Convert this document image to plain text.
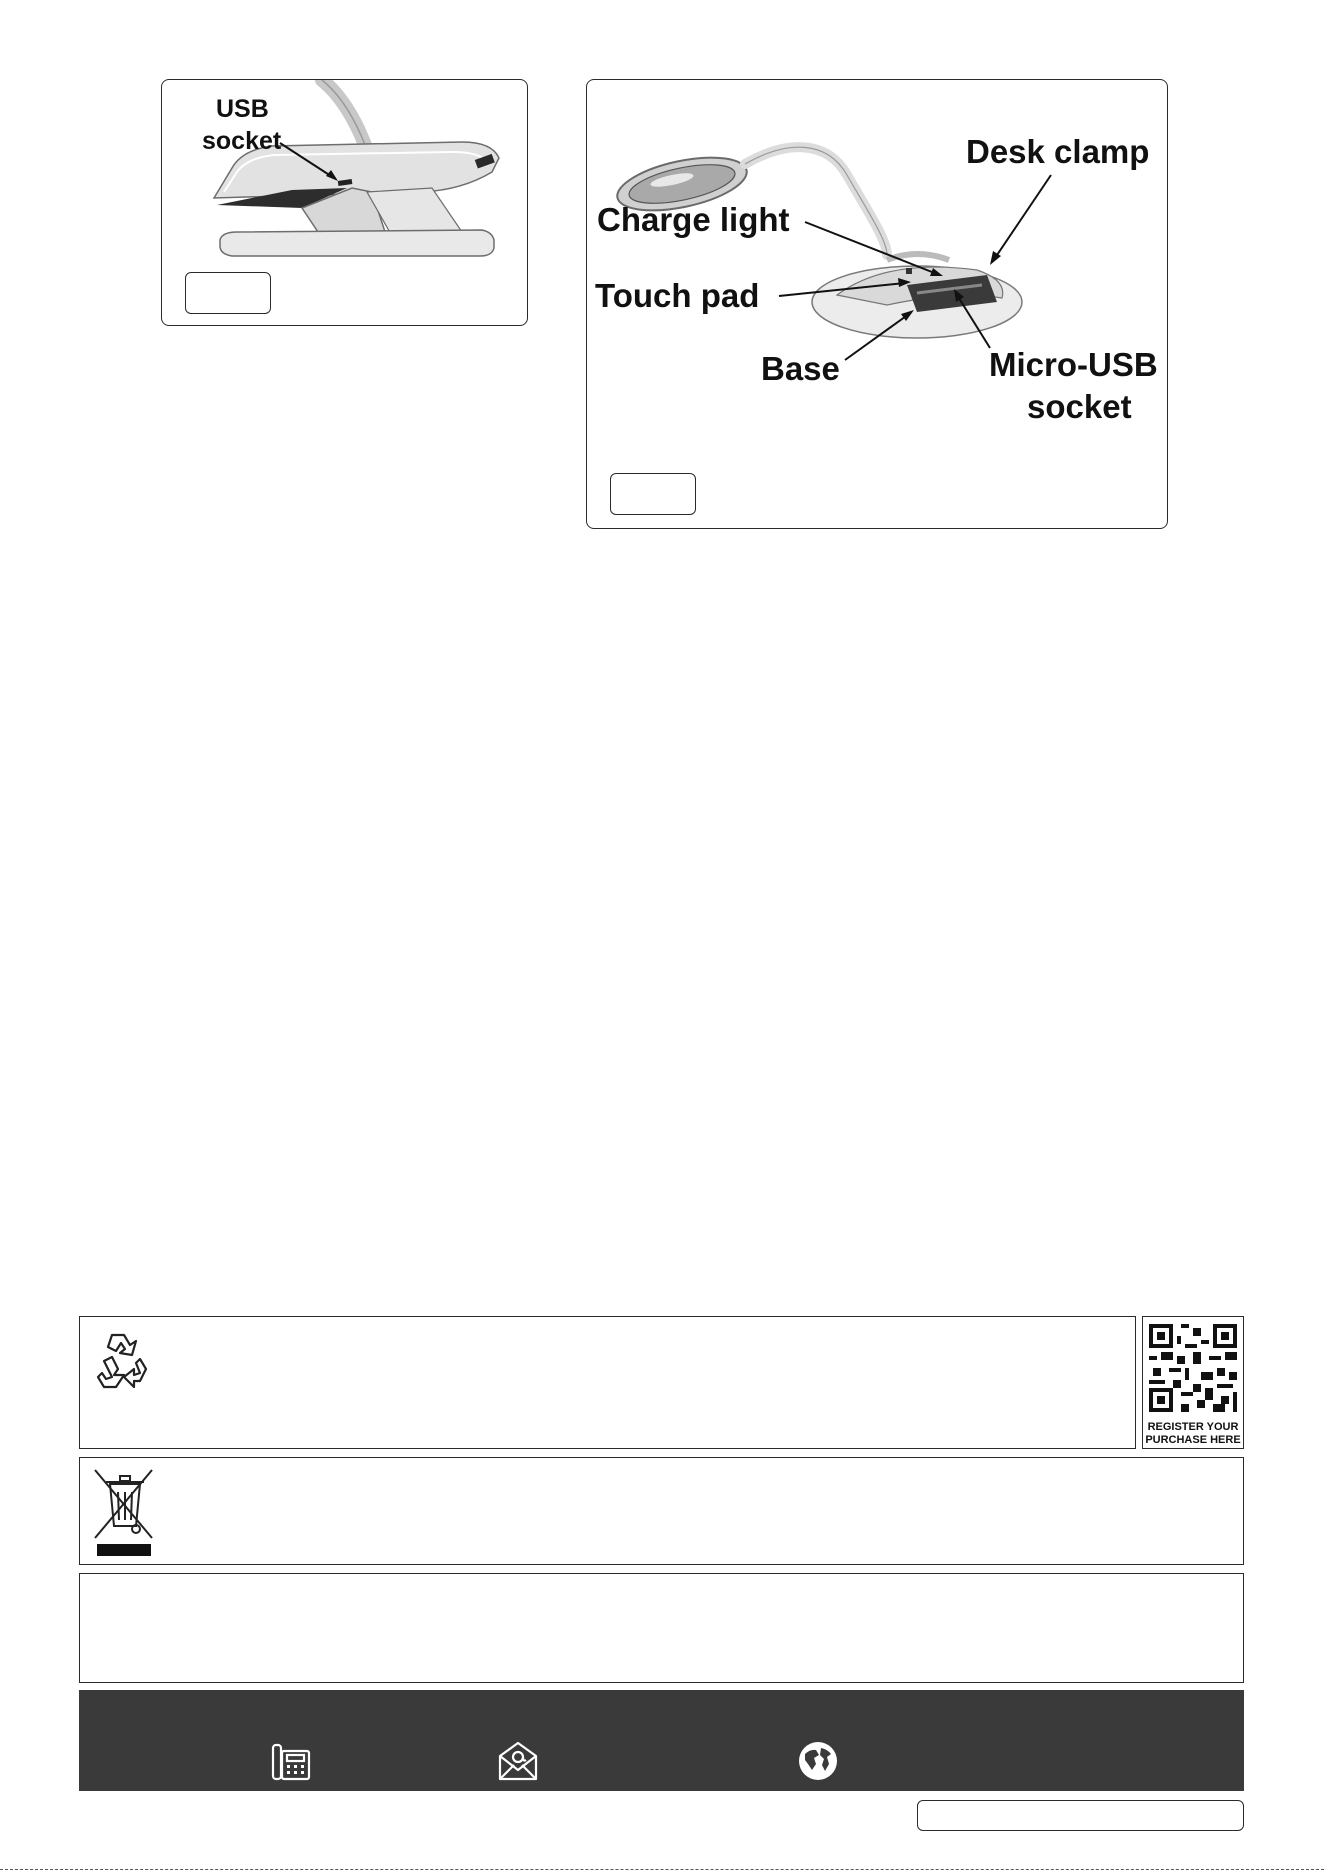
USB
socket	Desk clamp
Charge light
Touch pad
Base	Micro-USB
socket
REGISTER YOUR
PURCHASE HERE
